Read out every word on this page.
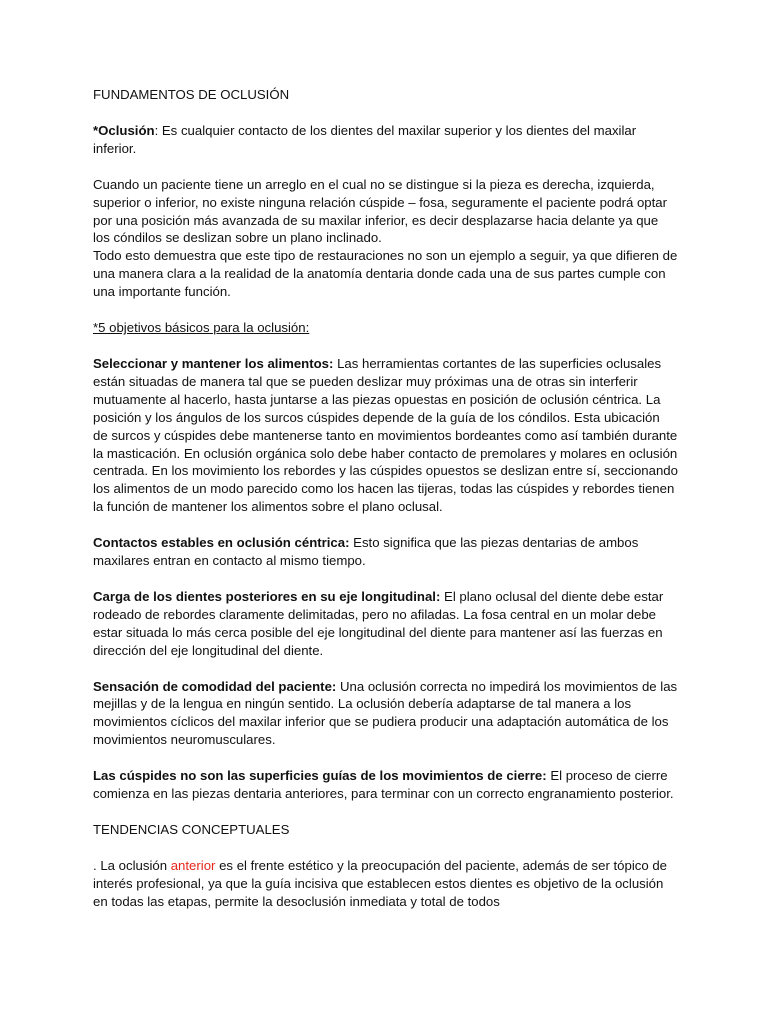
FUNDAMENTOS DE OCLUSIÓN

*Oclusión: Es cualquier contacto de los dientes del maxilar superior y los dientes del maxilar inferior.

Cuando un paciente tiene un arreglo en el cual no se distingue si la pieza es derecha, izquierda, superior o inferior, no existe ninguna relación cúspide – fosa, seguramente el paciente podrá optar por una posición más avanzada de su maxilar inferior, es decir desplazarse hacia delante ya que los cóndilos se deslizan sobre un plano inclinado.

Todo esto demuestra que este tipo de restauraciones no son un ejemplo a seguir, ya que difieren de una manera clara a la realidad de la anatomía dentaria donde cada una de sus partes cumple con una importante función.

*5 objetivos básicos para la oclusión:

Seleccionar y mantener los alimentos: Las herramientas cortantes de las superficies oclusales están situadas de manera tal que se pueden deslizar muy próximas una de otras sin interferir mutuamente al hacerlo, hasta juntarse a las piezas opuestas en posición de oclusión céntrica. La posición y los ángulos de los surcos cúspides depende de la guía de los cóndilos. Esta ubicación de surcos y cúspides debe mantenerse tanto en movimientos bordeantes como así también durante la masticación. En oclusión orgánica solo debe haber contacto de premolares y molares en oclusión centrada. En los movimiento los rebordes y las cúspides opuestos se deslizan entre sí, seccionando los alimentos de un modo parecido como los hacen las tijeras, todas las cúspides y rebordes tienen la función de mantener los alimentos sobre el plano oclusal.

Contactos estables en oclusión céntrica: Esto significa que las piezas dentarias de ambos maxilares entran en contacto al mismo tiempo.

Carga de los dientes posteriores en su eje longitudinal: El plano oclusal del diente debe estar rodeado de rebordes claramente delimitadas, pero no afiladas. La fosa central en un molar debe estar situada lo más cerca posible del eje longitudinal del diente para mantener así las fuerzas en dirección del eje longitudinal del diente.

Sensación de comodidad del paciente: Una oclusión correcta no impedirá los movimientos de las mejillas y de la lengua en ningún sentido. La oclusión debería adaptarse de tal manera a los movimientos cíclicos del maxilar inferior que se pudiera producir una adaptación automática de los movimientos neuromusculares.

Las cúspides no son las superficies guías de los movimientos de cierre: El proceso de cierre comienza en las piezas dentaria anteriores, para terminar con un correcto engranamiento posterior.

TENDENCIAS CONCEPTUALES

. La oclusión anterior es el frente estético y la preocupación del paciente, además de ser tópico de interés profesional, ya que la guía incisiva que establecen estos dientes es objetivo de la oclusión en todas las etapas, permite la desoclusión inmediata y total de todos
